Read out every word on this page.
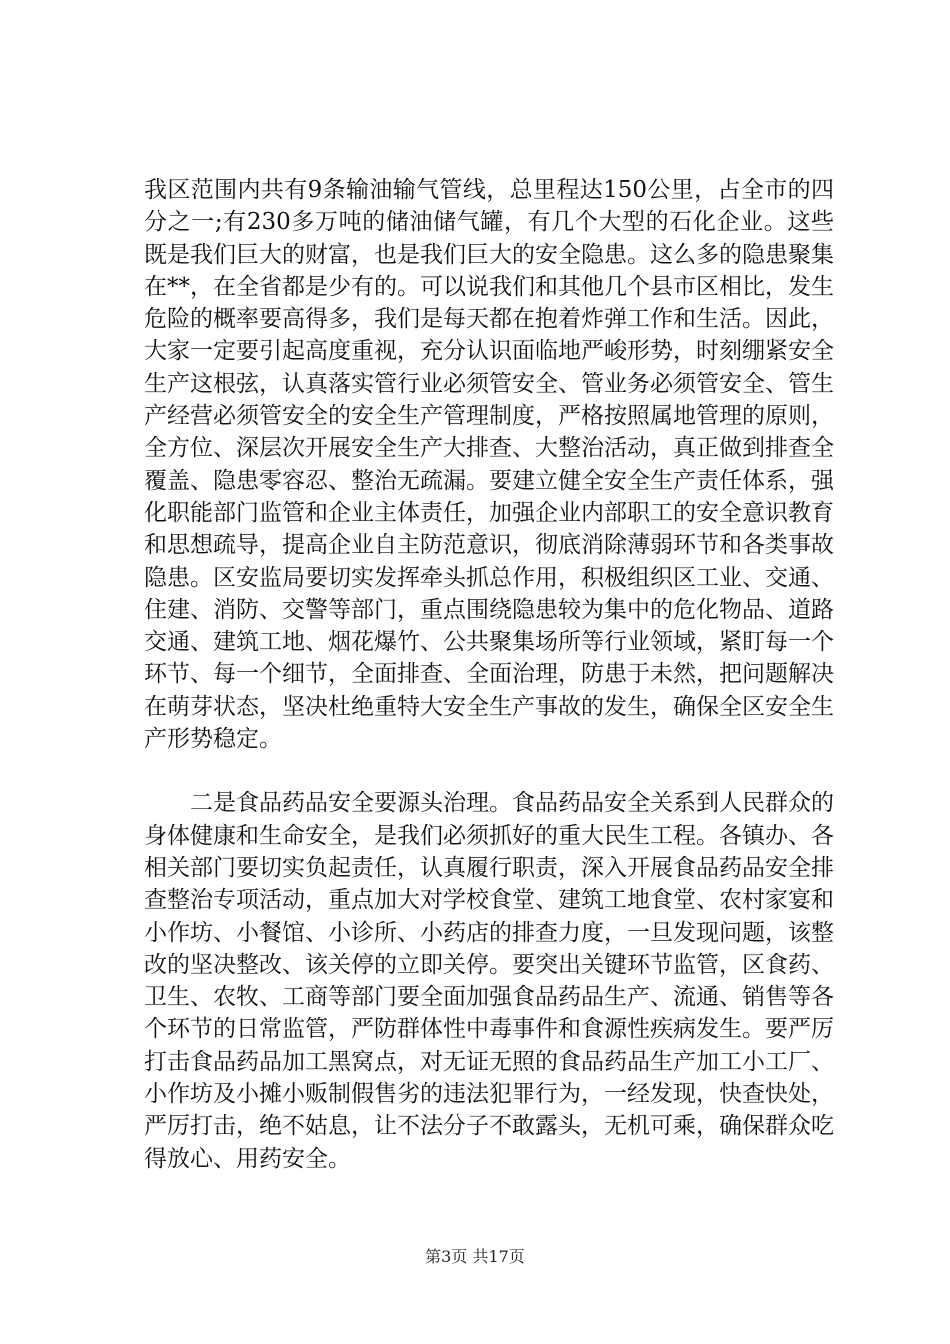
我区范围内共有9条输油输气管线，总里程达150公里，占全市的四分之一;有230多万吨的储油储气罐，有几个大型的石化企业。这些既是我们巨大的财富，也是我们巨大的安全隐患。这么多的隐患聚集在**，在全省都是少有的。可以说我们和其他几个县市区相比，发生危险的概率要高得多，我们是每天都在抱着炸弹工作和生活。因此，大家一定要引起高度重视，充分认识面临地严峻形势，时刻绷紧安全生产这根弦，认真落实管行业必须管安全、管业务必须管安全、管生产经营必须管安全的安全生产管理制度，严格按照属地管理的原则，全方位、深层次开展安全生产大排查、大整治活动，真正做到排查全覆盖、隐患零容忍、整治无疏漏。要建立健全安全生产责任体系，强化职能部门监管和企业主体责任，加强企业内部职工的安全意识教育和思想疏导，提高企业自主防范意识，彻底消除薄弱环节和各类事故隐患。区安监局要切实发挥牵头抓总作用，积极组织区工业、交通、住建、消防、交警等部门，重点围绕隐患较为集中的危化物品、道路交通、建筑工地、烟花爆竹、公共聚集场所等行业领域，紧盯每一个环节、每一个细节，全面排查、全面治理，防患于未然，把问题解决在萌芽状态，坚决杜绝重特大安全生产事故的发生，确保全区安全生产形势稳定。

二是食品药品安全要源头治理。食品药品安全关系到人民群众的身体健康和生命安全，是我们必须抓好的重大民生工程。各镇办、各相关部门要切实负起责任，认真履行职责，深入开展食品药品安全排查整治专项活动，重点加大对学校食堂、建筑工地食堂、农村家宴和小作坊、小餐馆、小诊所、小药店的排查力度，一旦发现问题，该整改的坚决整改、该关停的立即关停。要突出关键环节监管，区食药、卫生、农牧、工商等部门要全面加强食品药品生产、流通、销售等各个环节的日常监管，严防群体性中毒事件和食源性疾病发生。要严厉打击食品药品加工黑窝点，对无证无照的食品药品生产加工小工厂、小作坊及小摊小贩制假售劣的违法犯罪行为，一经发现，快查快处，严厉打击，绝不姑息，让不法分子不敢露头，无机可乘，确保群众吃得放心、用药安全。

第3页 共17页
